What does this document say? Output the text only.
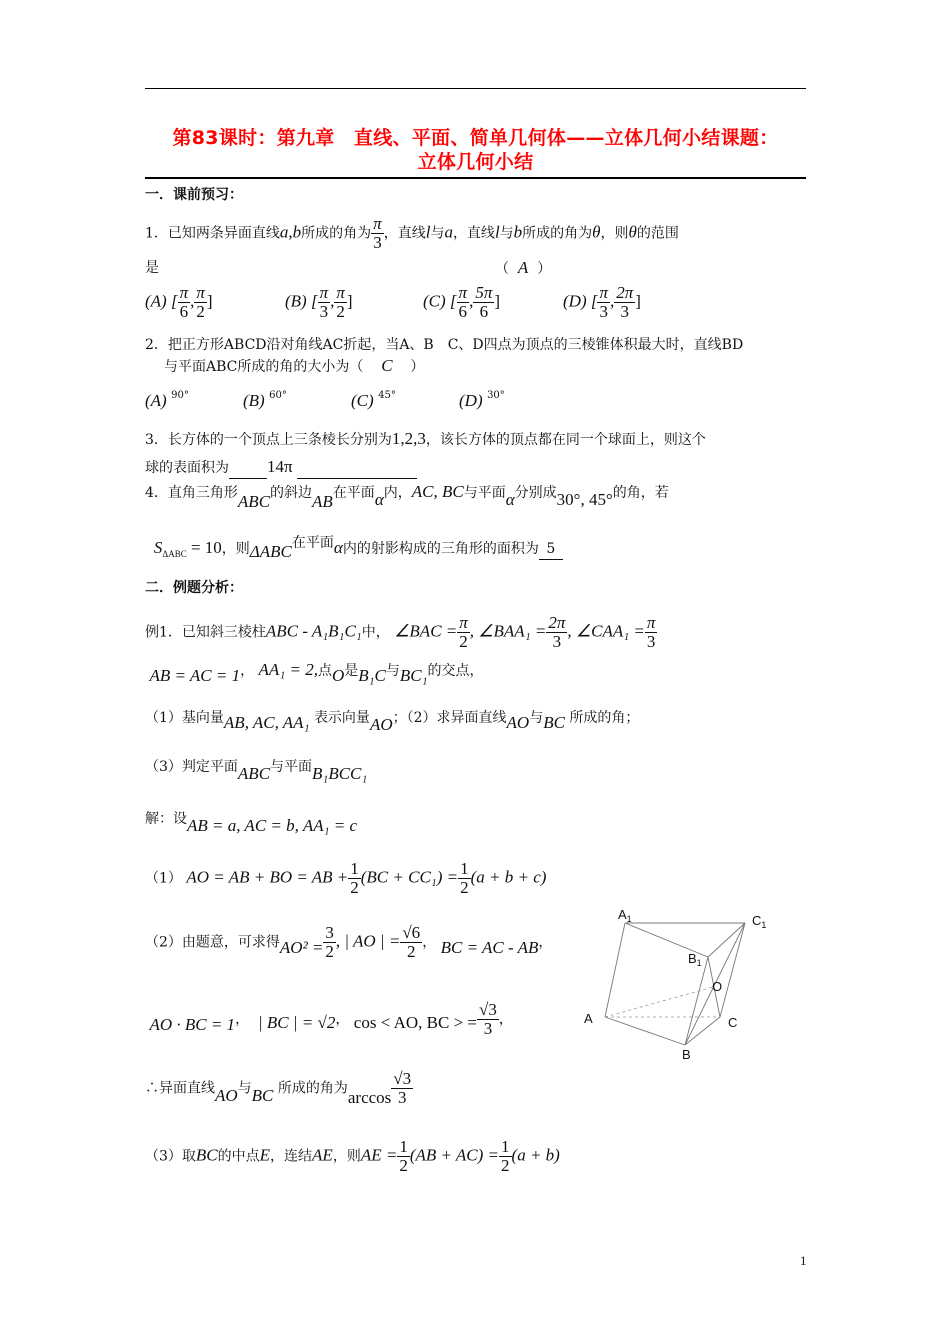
第83课时：第九章　直线、平面、简单几何体——立体几何小结课题：
立体几何小结
一．课前预习：
1．已知两条异面直线a,b所成的角为 $\frac{\pi}{3}$ ，直线l与a，直线l与b所成的角为θ，则θ的范围
是	（ A ）
(A) [ $\frac{\pi}{6}$ , $\frac{\pi}{2}$ ]	(B) [ $\frac{\pi}{3}$ , $\frac{\pi}{2}$ ]	(C) [ $\frac{\pi}{6}$ , $\frac{5\pi}{6}$ ]	(D) [ $\frac{\pi}{3}$ , $\frac{2\pi}{3}$ ]
2．把正方形ABCD沿对角线AC折起，当A、B　C、D四点为顶点的三棱锥体积最大时，直线BD
与平面ABC所成的角的大小为（ C ）
(A) $^{90^\circ}$	(B) $^{60^\circ}$	(C) $^{45^\circ}$	(D) $^{30^\circ}$
3．长方体的一个顶点上三条棱长分别为1,2,3，该长方体的顶点都在同一个球面上，则这个
球的表面积为 14π
4．直角三角形ABC的斜边AB在平面α内，AC, BC与平面α分别成30°, 45°的角，若
$S_{\Delta ABC} = 10$，则ΔABC在平面α内的射影构成的三角形的面积为 5
二．例题分析：
例1．已知斜三棱柱ABC - A₁B₁C₁中， ∠BAC = $\frac{\pi}{2}$ , ∠BAA₁ = $\frac{2\pi}{3}$ , ∠CAA₁ = $\frac{\pi}{3}$
AB = AC = 1， AA₁ = 2,点O是B₁C与BC₁的交点，
（1）基向量AB, AC, AA₁ 表示向量AO；（2）求异面直线AO与BC 所成的角；
（3）判定平面ABC与平面B₁BCC₁
解：设AB = a, AC = b, AA₁ = c
（1） AO = AB + BO = AB + $\frac{1}{2} (BC + CC_1) = \frac{1}{2} (a + b + c)$
（2）由题意，可求得$AO^2 = \frac{3}{2}$ , | AO | = $\frac{√6}{2}$ ， BC = AC - AB，
AO · BC = 1， | BC | = √2， cos < AO, BC > = $\frac{√3}{3}$ ，
∴异面直线AO与BC 所成的角为$\arccos \frac{√3}{3}$
（3）取BC的中点E，连结AE，则AE = $\frac{1}{2} (AB + AC) = \frac{1}{2} (a + b)$
$A_1$	$C_1$
$B_1$
O
A	C
B
1
